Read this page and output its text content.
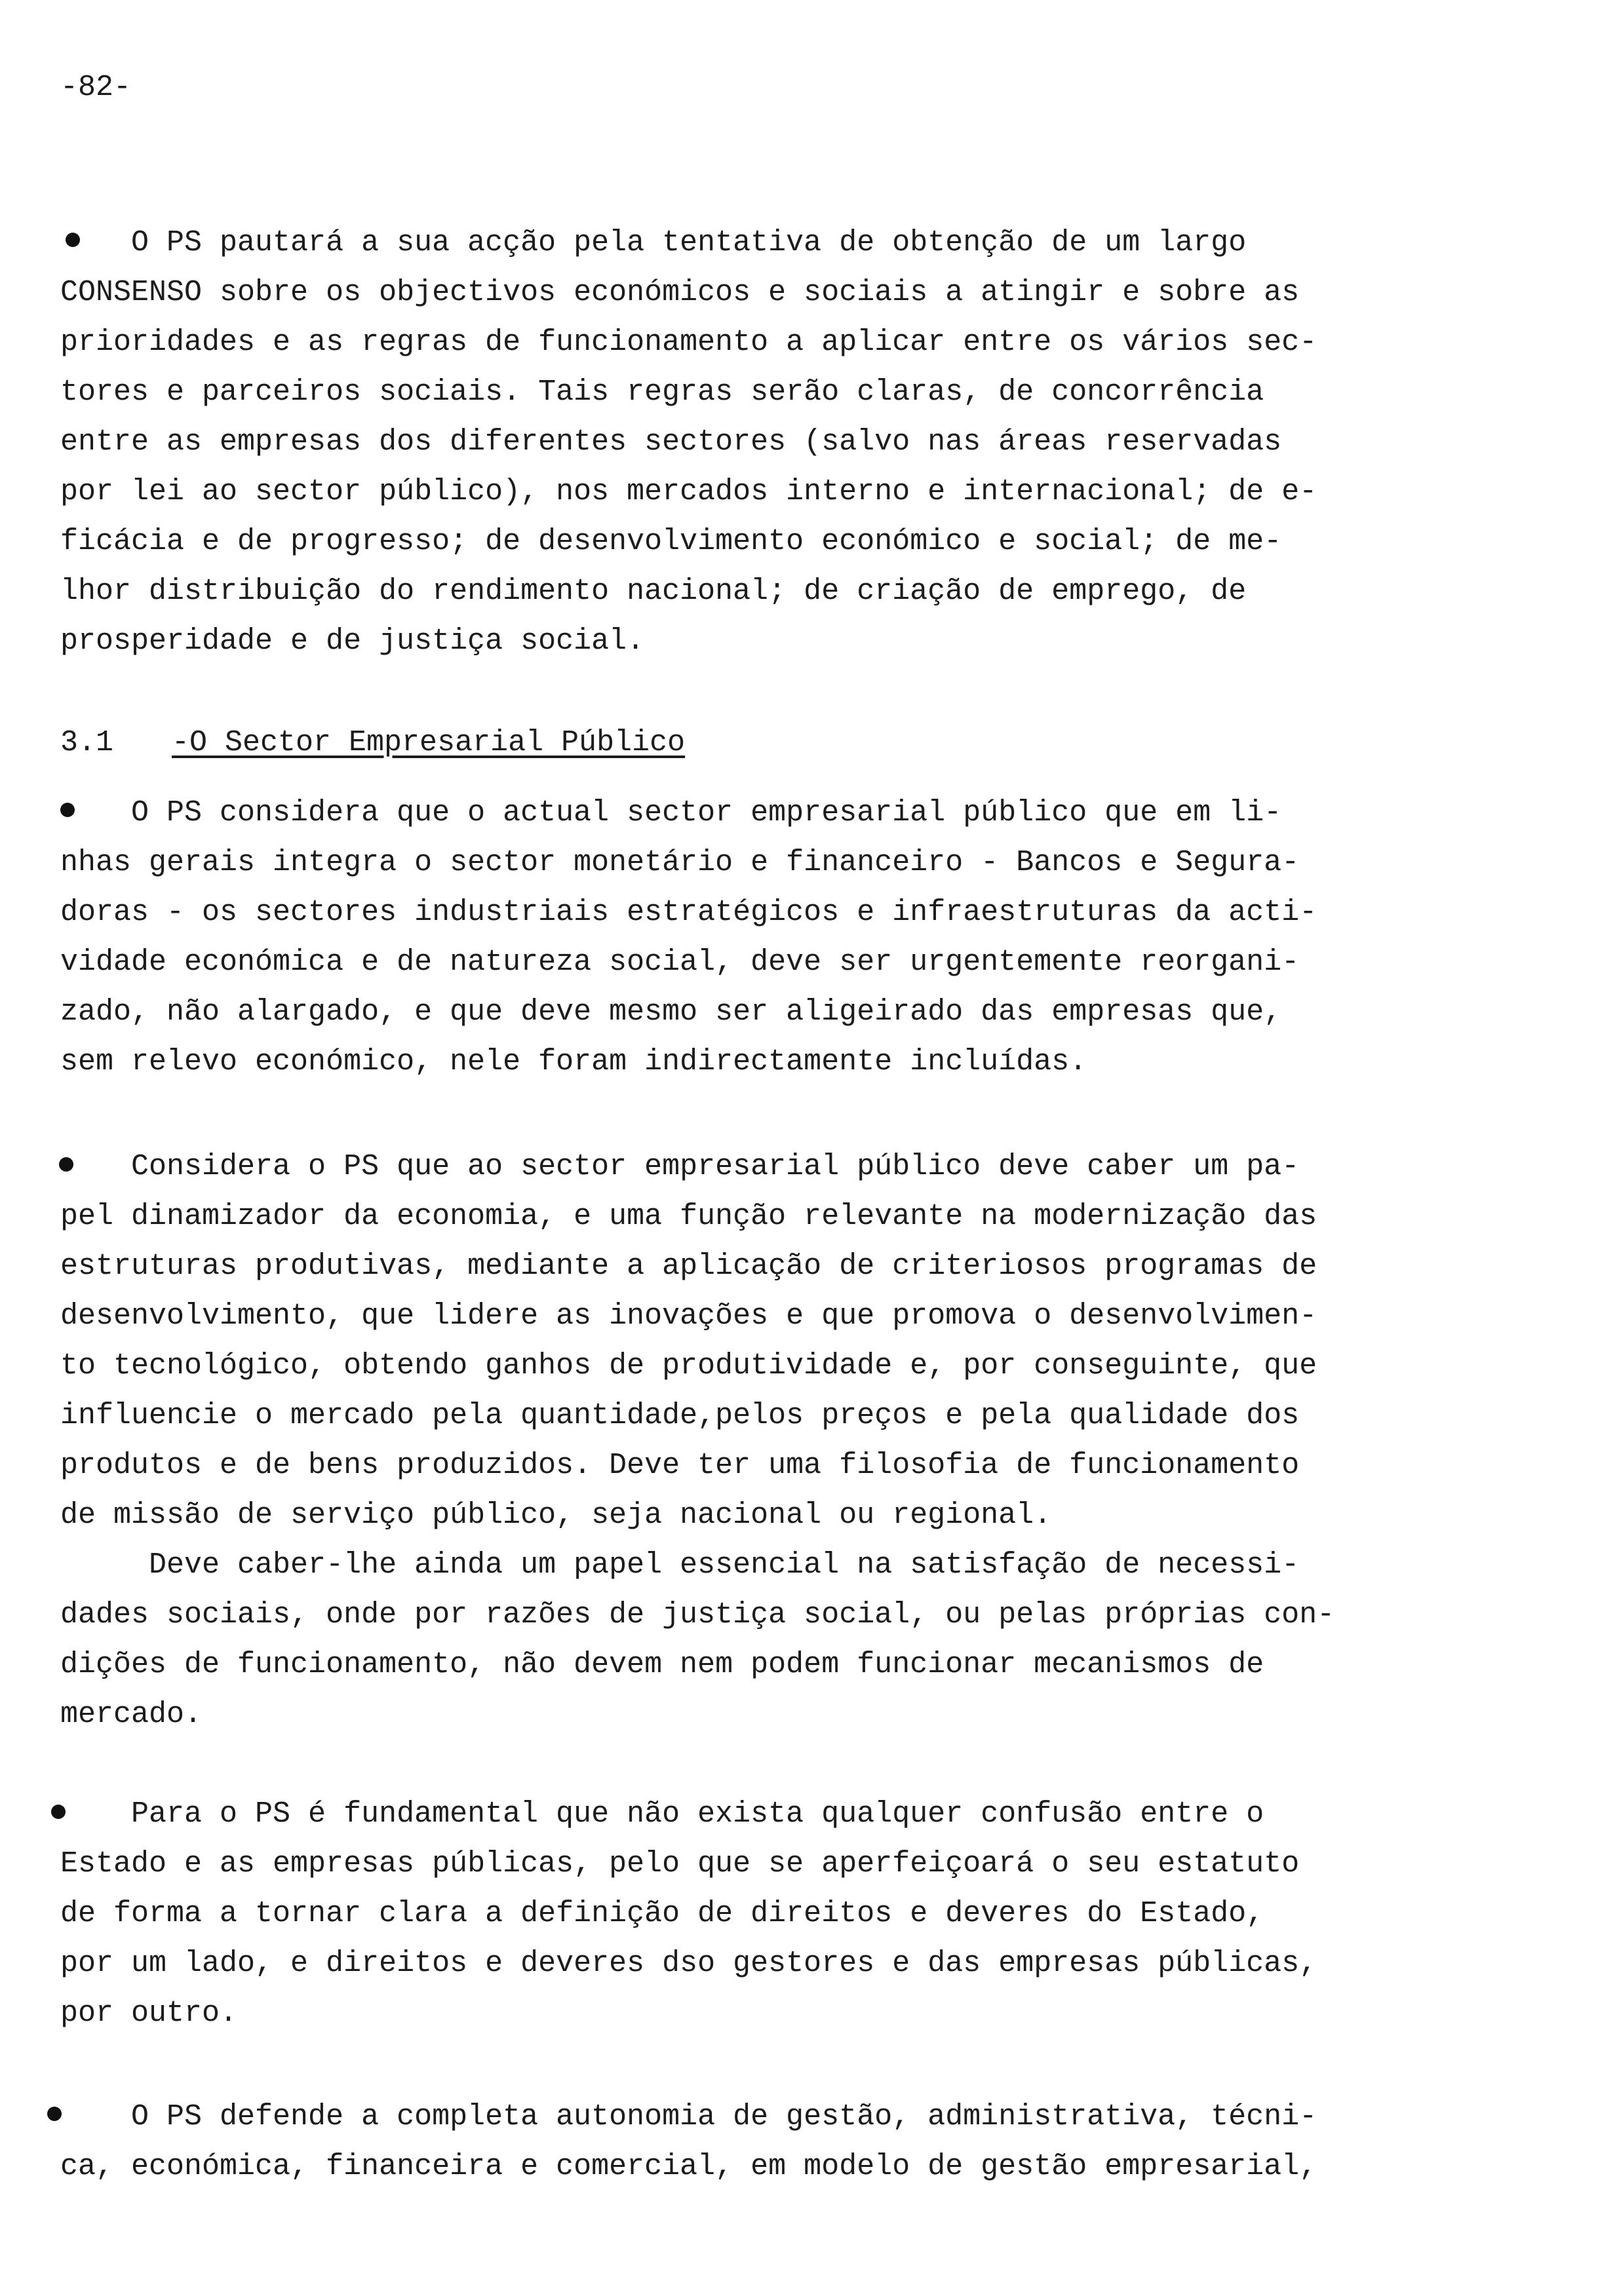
-82-
O PS pautará a sua acção pela tentativa de obtenção de um largo
CONSENSO sobre os objectivos económicos e sociais a atingir e sobre as
prioridades e as regras de funcionamento a aplicar entre os vários sec-
tores e parceiros sociais. Tais regras serão claras, de concorrência
entre as empresas dos diferentes sectores (salvo nas áreas reservadas
por lei ao sector público), nos mercados interno e internacional; de e-
ficácia e de progresso; de desenvolvimento económico e social; de me-
lhor distribuição do rendimento nacional; de criação de emprego, de
prosperidade e de justiça social.
3.1 -O Sector Empresarial Público
O PS considera que o actual sector empresarial público que em li-
nhas gerais integra o sector monetário e financeiro - Bancos e Segura-
doras - os sectores industriais estratégicos e infraestruturas da acti-
vidade económica e de natureza social, deve ser urgentemente reorgani-
zado, não alargado, e que deve mesmo ser aligeirado das empresas que,
sem relevo económico, nele foram indirectamente incluídas.
Considera o PS que ao sector empresarial público deve caber um pa-
pel dinamizador da economia, e uma função relevante na modernização das
estruturas produtivas, mediante a aplicação de criteriosos programas de
desenvolvimento, que lidere as inovações e que promova o desenvolvimen-
to tecnológico, obtendo ganhos de produtividade e, por conseguinte, que
influencie o mercado pela quantidade,pelos preços e pela qualidade dos
produtos e de bens produzidos. Deve ter uma filosofia de funcionamento
de missão de serviço público, seja nacional ou regional.
Deve caber-lhe ainda um papel essencial na satisfação de necessi-
dades sociais, onde por razões de justiça social, ou pelas próprias con-
dições de funcionamento, não devem nem podem funcionar mecanismos de
mercado.
Para o PS é fundamental que não exista qualquer confusão entre o
Estado e as empresas públicas, pelo que se aperfeiçoará o seu estatuto
de forma a tornar clara a definição de direitos e deveres do Estado,
por um lado, e direitos e deveres dso gestores e das empresas públicas,
por outro.
O PS defende a completa autonomia de gestão, administrativa, técni-
ca, económica, financeira e comercial, em modelo de gestão empresarial,
